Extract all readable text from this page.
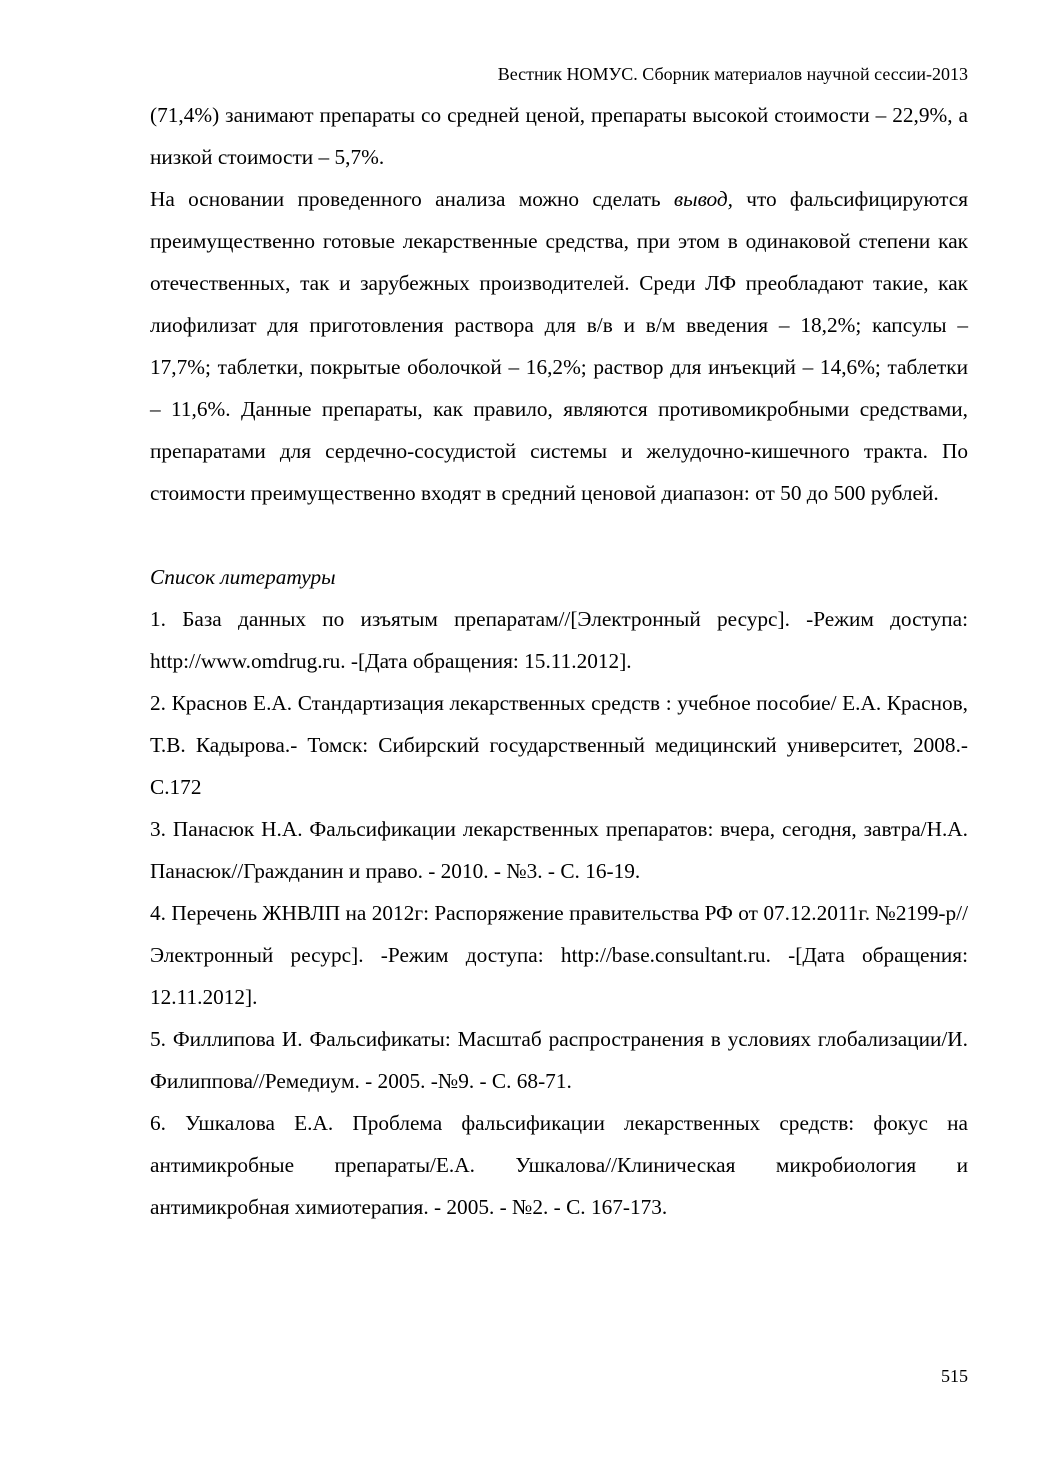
Вестник НОМУС. Сборник материалов научной сессии-2013

(71,4%) занимают препараты со средней ценой, препараты высокой стоимости – 22,9%, а низкой стоимости – 5,7%.

На основании проведенного анализа можно сделать вывод, что фальсифицируются преимущественно готовые лекарственные средства, при этом в одинаковой степени как отечественных, так и зарубежных производителей. Среди ЛФ преобладают такие, как лиофилизат для приготовления раствора для в/в и в/м введения – 18,2%; капсулы – 17,7%; таблетки, покрытые оболочкой – 16,2%; раствор для инъекций – 14,6%; таблетки – 11,6%. Данные препараты, как правило, являются противомикробными средствами, препаратами для сердечно-сосудистой системы и желудочно-кишечного тракта. По стоимости преимущественно входят в средний ценовой диапазон: от 50 до 500 рублей.

Список литературы

1. База данных по изъятым препаратам//[Электронный ресурс]. -Режим доступа: http://www.omdrug.ru. -[Дата обращения: 15.11.2012].

2. Краснов Е.А. Стандартизация лекарственных средств : учебное пособие/ Е.А. Краснов, Т.В. Кадырова.- Томск: Сибирский государственный медицинский университет, 2008.- С.172

3. Панасюк Н.А. Фальсификации лекарственных препаратов: вчера, сегодня, завтра/Н.А. Панасюк//Гражданин и право. - 2010. - №3. - С. 16-19.

4. Перечень ЖНВЛП на 2012г: Распоряжение правительства РФ от 07.12.2011г. №2199-р// Электронный ресурс]. -Режим доступа: http://base.consultant.ru. -[Дата обращения: 12.11.2012].

5. Филлипова И. Фальсификаты: Масштаб распространения в условиях глобализации/И. Филиппова//Ремедиум. - 2005. -№9. - С. 68-71.

6. Ушкалова Е.А. Проблема фальсификации лекарственных средств: фокус на антимикробные препараты/Е.А. Ушкалова//Клиническая микробиология и антимикробная химиотерапия. - 2005. - №2. - С. 167-173.

515
